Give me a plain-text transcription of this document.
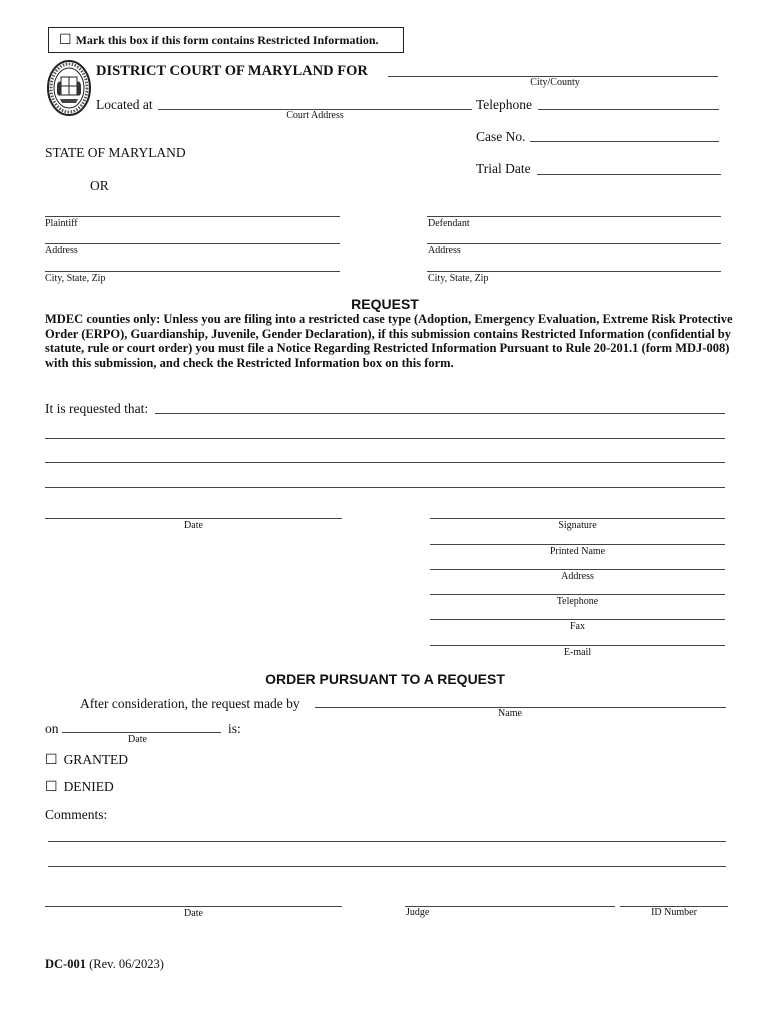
☐ Mark this box if this form contains Restricted Information.
DISTRICT COURT OF MARYLAND FOR
City/County
Located at
Court Address
Telephone
Case No.
STATE OF MARYLAND
Trial Date
OR
Plaintiff
Address
City, State, Zip
Defendant
Address
City, State, Zip
REQUEST
MDEC counties only: Unless you are filing into a restricted case type (Adoption, Emergency Evaluation, Extreme Risk Protective Order (ERPO), Guardianship, Juvenile, Gender Declaration), if this submission contains Restricted Information (confidential by statute, rule or court order) you must file a Notice Regarding Restricted Information Pursuant to Rule 20-201.1 (form MDJ-008) with this submission, and check the Restricted Information box on this form.
It is requested that:
Date	Signature
Printed Name
Address
Telephone
Fax
E-mail
ORDER PURSUANT TO A REQUEST
After consideration, the request made by
Name
on
Date
is:
☐ GRANTED
☐ DENIED
Comments:
Date	Judge	ID Number
DC-001 (Rev. 06/2023)
